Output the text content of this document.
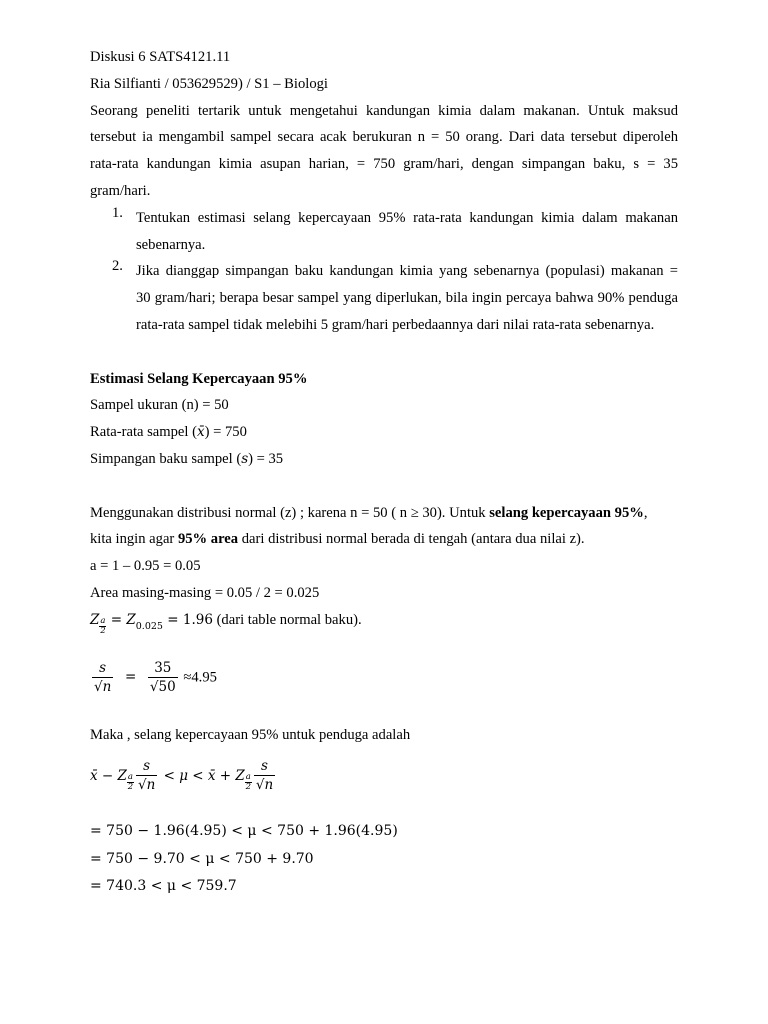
Diskusi 6 SATS4121.11
Ria Silfianti / 053629529) / S1 – Biologi
Seorang peneliti tertarik untuk mengetahui kandungan kimia dalam makanan. Untuk maksud
tersebut ia mengambil sampel secara acak berukuran n = 50 orang. Dari data tersebut diperoleh
rata-rata kandungan kimia asupan harian, = 750 gram/hari, dengan simpangan baku, s = 35
gram/hari.
1. Tentukan estimasi selang kepercayaan 95% rata-rata kandungan kimia dalam makanan
sebenarnya.
2. Jika dianggap simpangan baku kandungan kimia yang sebenarnya (populasi) makanan =
30 gram/hari; berapa besar sampel yang diperlukan, bila ingin percaya bahwa 90% penduga
rata-rata sampel tidak melebihi 5 gram/hari perbedaannya dari nilai rata-rata sebenarnya.
Estimasi Selang Kepercayaan 95%
Sampel ukuran (n) = 50
Rata-rata sampel (x̄) = 750
Simpangan baku sampel (s) = 35
Menggunakan distribusi normal (z) ; karena n = 50 ( n ≥ 30). Untuk selang kepercayaan 95%,
kita ingin agar 95% area dari distribusi normal berada di tengah (antara dua nilai z).
a = 1 – 0.95 = 0.05
Area masing-masing = 0.05 / 2 = 0.025
Z $\frac{a}{2} = Z_{0.025} = 1.96$ (dari table normal baku).
$\frac{s}{√n} = \frac{35}{√50} \approx 4.95$
Maka , selang kepercayaan 95% untuk penduga adalah
x̄ − Z $\frac{a}{2} \frac{s}{√n} < \mu$ < x̄ + Z $\frac{a}{2} \frac{s}{√n}$
= 750 − 1.96(4.95) < μ < 750 + 1.96(4.95)
= 750 − 9.70 < μ < 750 + 9.70
= 740.3 < μ < 759.7
